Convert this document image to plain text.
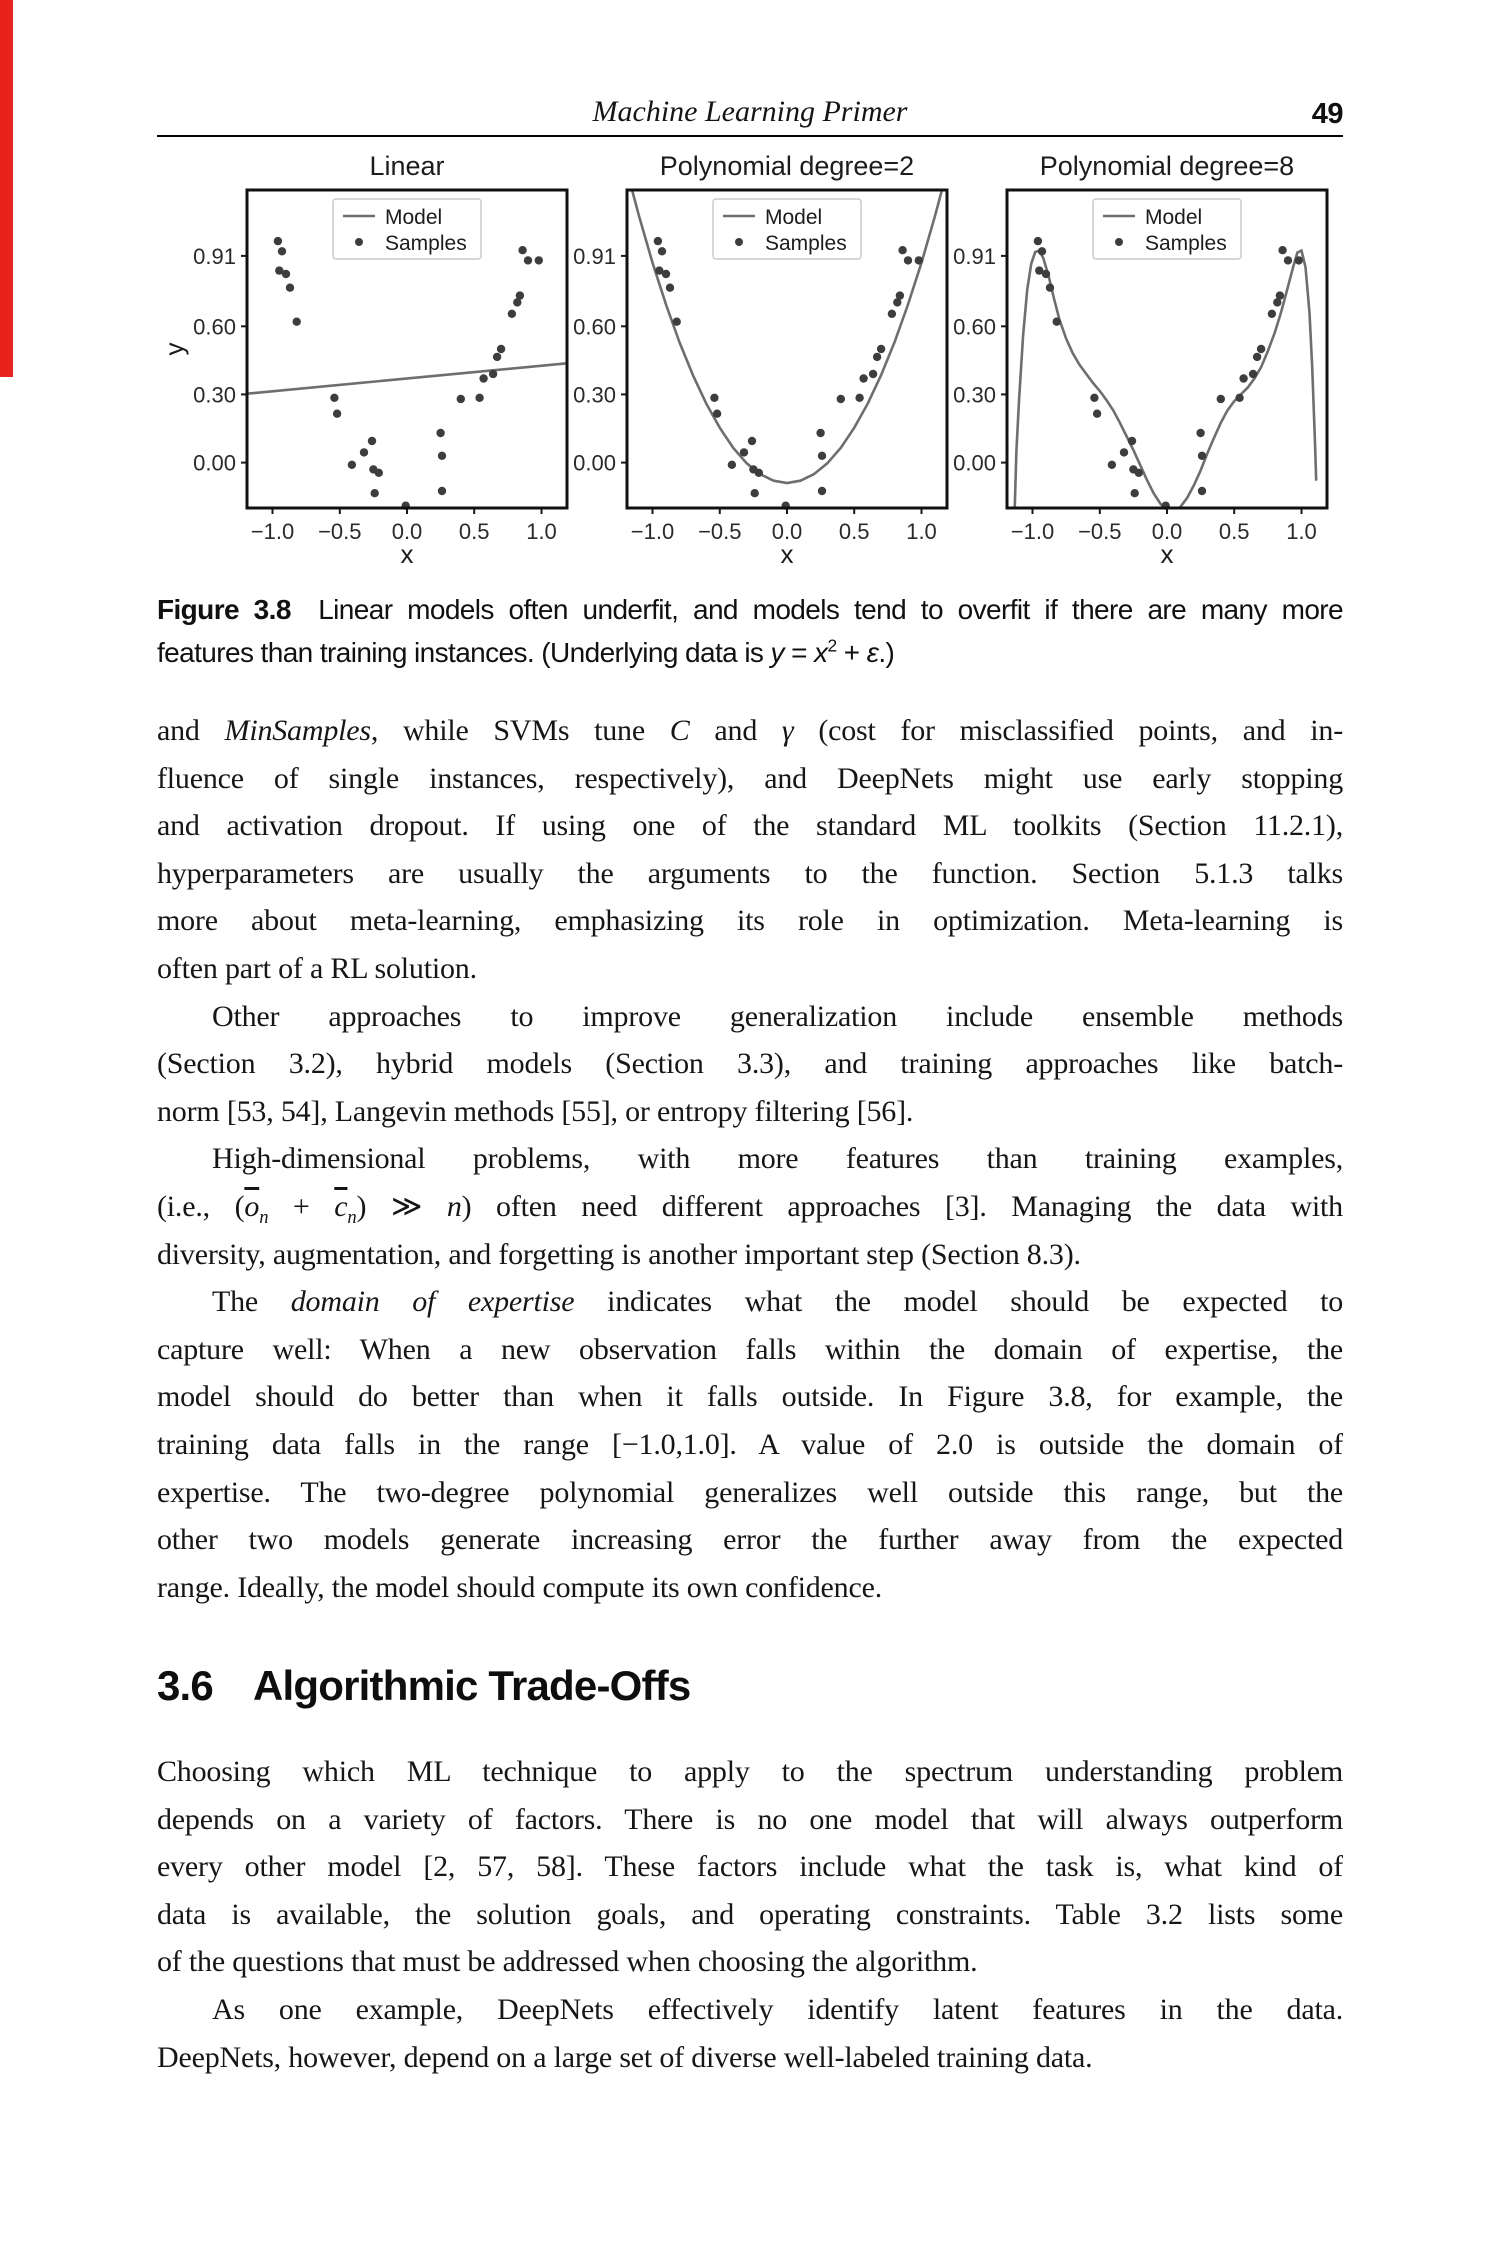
Machine Learning Primer	49
Linear
0.00
0.30
0.60
0.91
−1.0 −0.5 0.0 0.5 1.0
Model
Samples
x
y
Polynomial degree=2
0.00
0.30
0.60
0.91
−1.0 −0.5 0.0 0.5 1.0
Model
Samples
x
Polynomial degree=8
0.00
0.30
0.60
0.91
−1.0 −0.5 0.0 0.5 1.0
Model
Samples
x
Figure 3.8 Linear models often underfit, and models tend to overfit if there are many more
features than training instances. (Underlying data is $y = x^2 + \varepsilon$.)
and MinSamples, while SVMs tune C and γ (cost for misclassified points, and in-
fluence of single instances, respectively), and DeepNets might use early stopping
and activation dropout. If using one of the standard ML toolkits (Section 11.2.1),
hyperparameters are usually the arguments to the function. Section 5.1.3 talks
more about meta-learning, emphasizing its role in optimization. Meta-learning is
often part of a RL solution.
Other approaches to improve generalization include ensemble methods
(Section 3.2), hybrid models (Section 3.3), and training approaches like batch-
norm [53, 54], Langevin methods [55], or entropy filtering [56].
High-dimensional problems, with more features than training examples,
(i.e., $(\overline{o}_n + \overline{c}_n)$ ≫ n) often need different approaches [3]. Managing the data with
diversity, augmentation, and forgetting is another important step (Section 8.3).
The domain of expertise indicates what the model should be expected to
capture well: When a new observation falls within the domain of expertise, the
model should do better than when it falls outside. In Figure 3.8, for example, the
training data falls in the range [−1.0,1.0]. A value of 2.0 is outside the domain of
expertise. The two-degree polynomial generalizes well outside this range, but the
other two models generate increasing error the further away from the expected
range. Ideally, the model should compute its own confidence.
3.6 Algorithmic Trade-Offs
Choosing which ML technique to apply to the spectrum understanding problem
depends on a variety of factors. There is no one model that will always outperform
every other model [2, 57, 58]. These factors include what the task is, what kind of
data is available, the solution goals, and operating constraints. Table 3.2 lists some
of the questions that must be addressed when choosing the algorithm.
As one example, DeepNets effectively identify latent features in the data.
DeepNets, however, depend on a large set of diverse well-labeled training data.
